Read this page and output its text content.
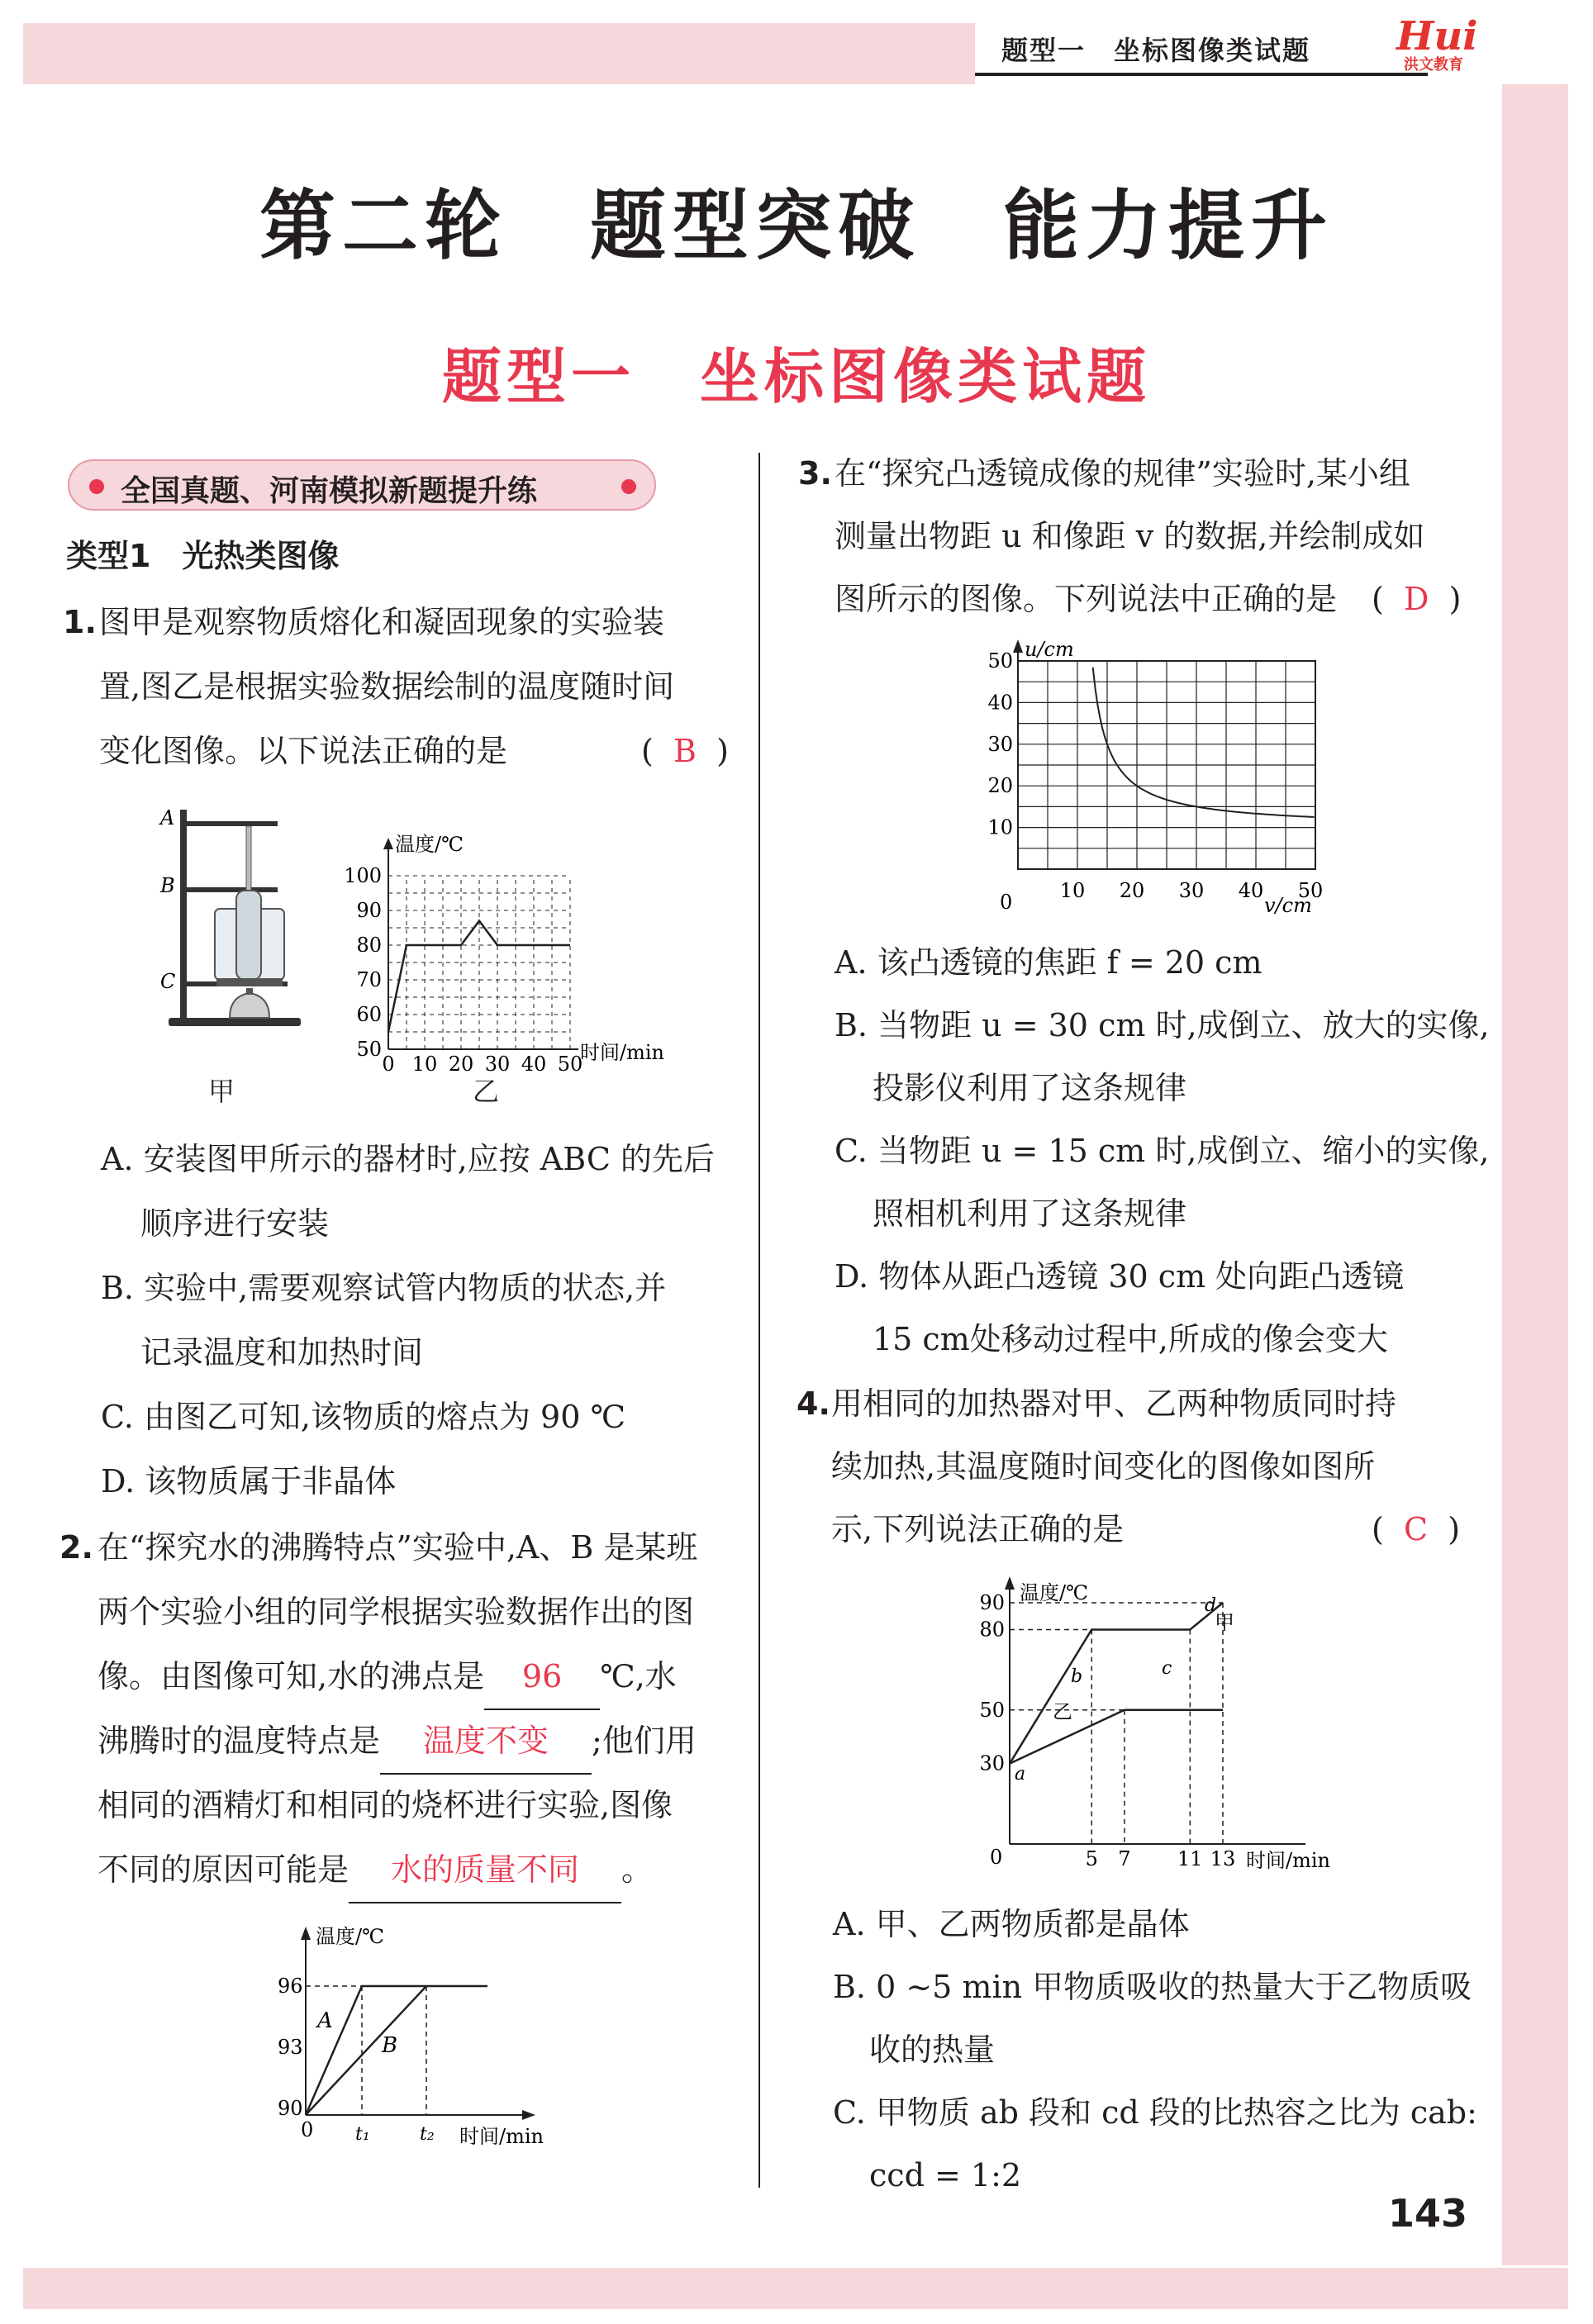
题型一　坐标图像类试题 Hui
洪文教育
第二轮　题型突破　能力提升
题型一　坐标图像类试题
全国真题、河南模拟新题提升练
类型1　光热类图像
1. 图甲是观察物质熔化和凝固现象的实验装
置,图乙是根据实验数据绘制的温度随时间
变化图像。以下说法正确的是	(  B  )
A
B
C
甲
50
60
70
80
90
100
0 10 20 30 40 50
温度/℃
时间/min
乙
A. 安装图甲所示的器材时,应按 ABC 的先后
顺序进行安装
B. 实验中,需要观察试管内物质的状态,并
记录温度和加热时间
C. 由图乙可知,该物质的熔点为 90 ℃
D. 该物质属于非晶体
2. 在“探究水的沸腾特点”实验中,A、B 是某班
两个实验小组的同学根据实验数据作出的图
像。由图像可知,水的沸点是 96 ℃,水
沸腾时的温度特点是 温度不变 ;他们用
相同的酒精灯和相同的烧杯进行实验,图像
不同的原因可能是 水的质量不同 。
温度/℃
96
93
90
0 t₁	t₂ 时间/min
A
B
3. 在“探究凸透镜成像的规律”实验时,某小组
测量出物距 u 和像距 v 的数据,并绘制成如
图所示的图像。下列说法中正确的是 (  D  )
10
20
30
40
50
10 20 30 40 50
u/cm
0	v/cm
A. 该凸透镜的焦距 f = 20 cm
B. 当物距 u = 30 cm 时,成倒立、放大的实像,
投影仪利用了这条规律
C. 当物距 u = 15 cm 时,成倒立、缩小的实像,
照相机利用了这条规律
D. 物体从距凸透镜 30 cm 处向距凸透镜
15 cm处移动过程中,所成的像会变大
4. 用相同的加热器对甲、乙两种物质同时持
续加热,其温度随时间变化的图像如图所
示,下列说法正确的是	(  C  )
30
50
80
90
5 7 11 13
温度/℃
0	时间/min
a
b	c
d
甲
乙
A. 甲、乙两物质都是晶体
B. 0 ~5 min 甲物质吸收的热量大于乙物质吸
收的热量
C. 甲物质 ab 段和 cd 段的比热容之比为 cab:
ccd = 1:2
143
